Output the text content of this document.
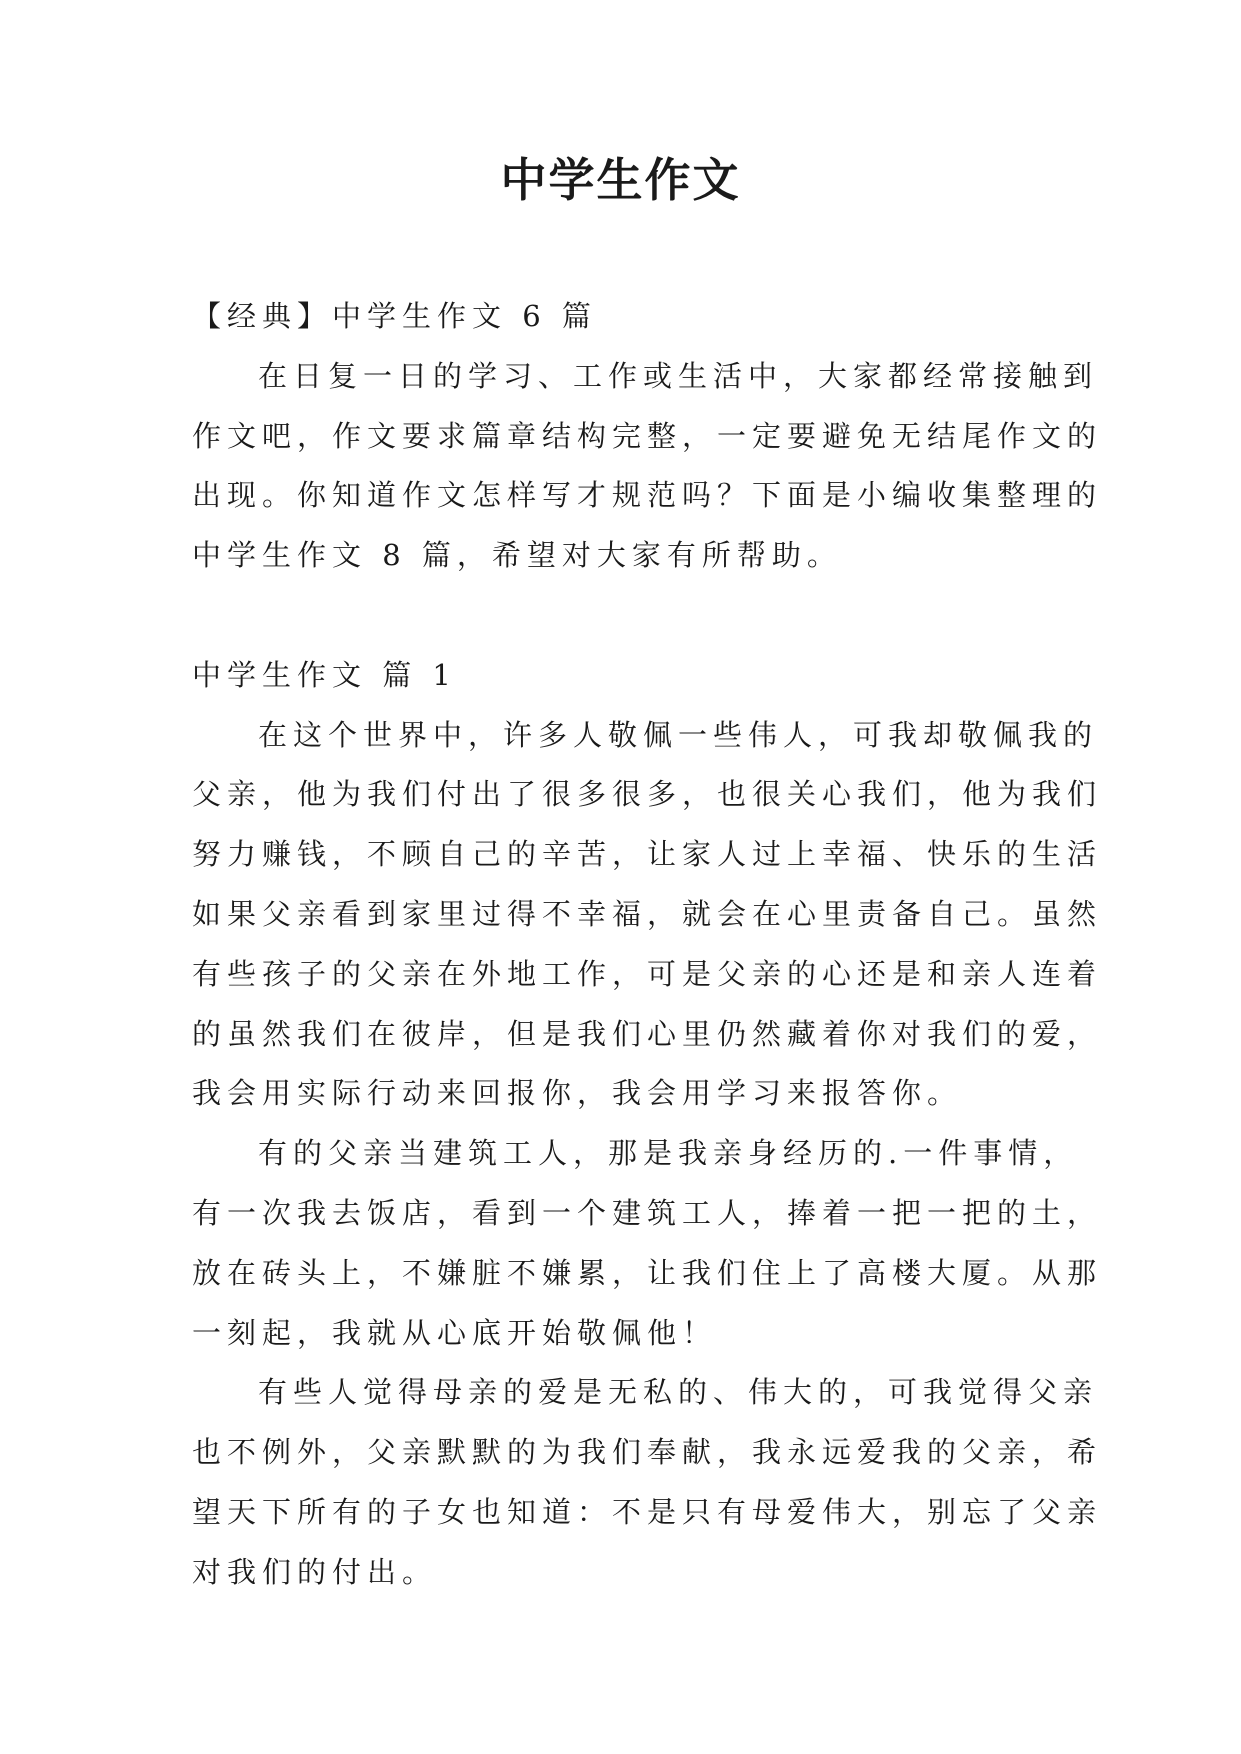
中学生作文
【经典】中学生作文 6 篇
在日复一日的学习、工作或生活中，大家都经常接触到
作文吧，作文要求篇章结构完整，一定要避免无结尾作文的
出现。你知道作文怎样写才规范吗？下面是小编收集整理的
中学生作文 8 篇，希望对大家有所帮助。
中学生作文 篇 1
在这个世界中，许多人敬佩一些伟人，可我却敬佩我的
父亲，他为我们付出了很多很多，也很关心我们，他为我们
努力赚钱，不顾自己的辛苦，让家人过上幸福、快乐的生活
如果父亲看到家里过得不幸福，就会在心里责备自己。虽然
有些孩子的父亲在外地工作，可是父亲的心还是和亲人连着
的虽然我们在彼岸，但是我们心里仍然藏着你对我们的爱，
我会用实际行动来回报你，我会用学习来报答你。
有的父亲当建筑工人，那是我亲身经历的.一件事情，
有一次我去饭店，看到一个建筑工人，捧着一把一把的土，
放在砖头上，不嫌脏不嫌累，让我们住上了高楼大厦。从那
一刻起，我就从心底开始敬佩他！
有些人觉得母亲的爱是无私的、伟大的，可我觉得父亲
也不例外，父亲默默的为我们奉献，我永远爱我的父亲，希
望天下所有的子女也知道：不是只有母爱伟大，别忘了父亲
对我们的付出。
